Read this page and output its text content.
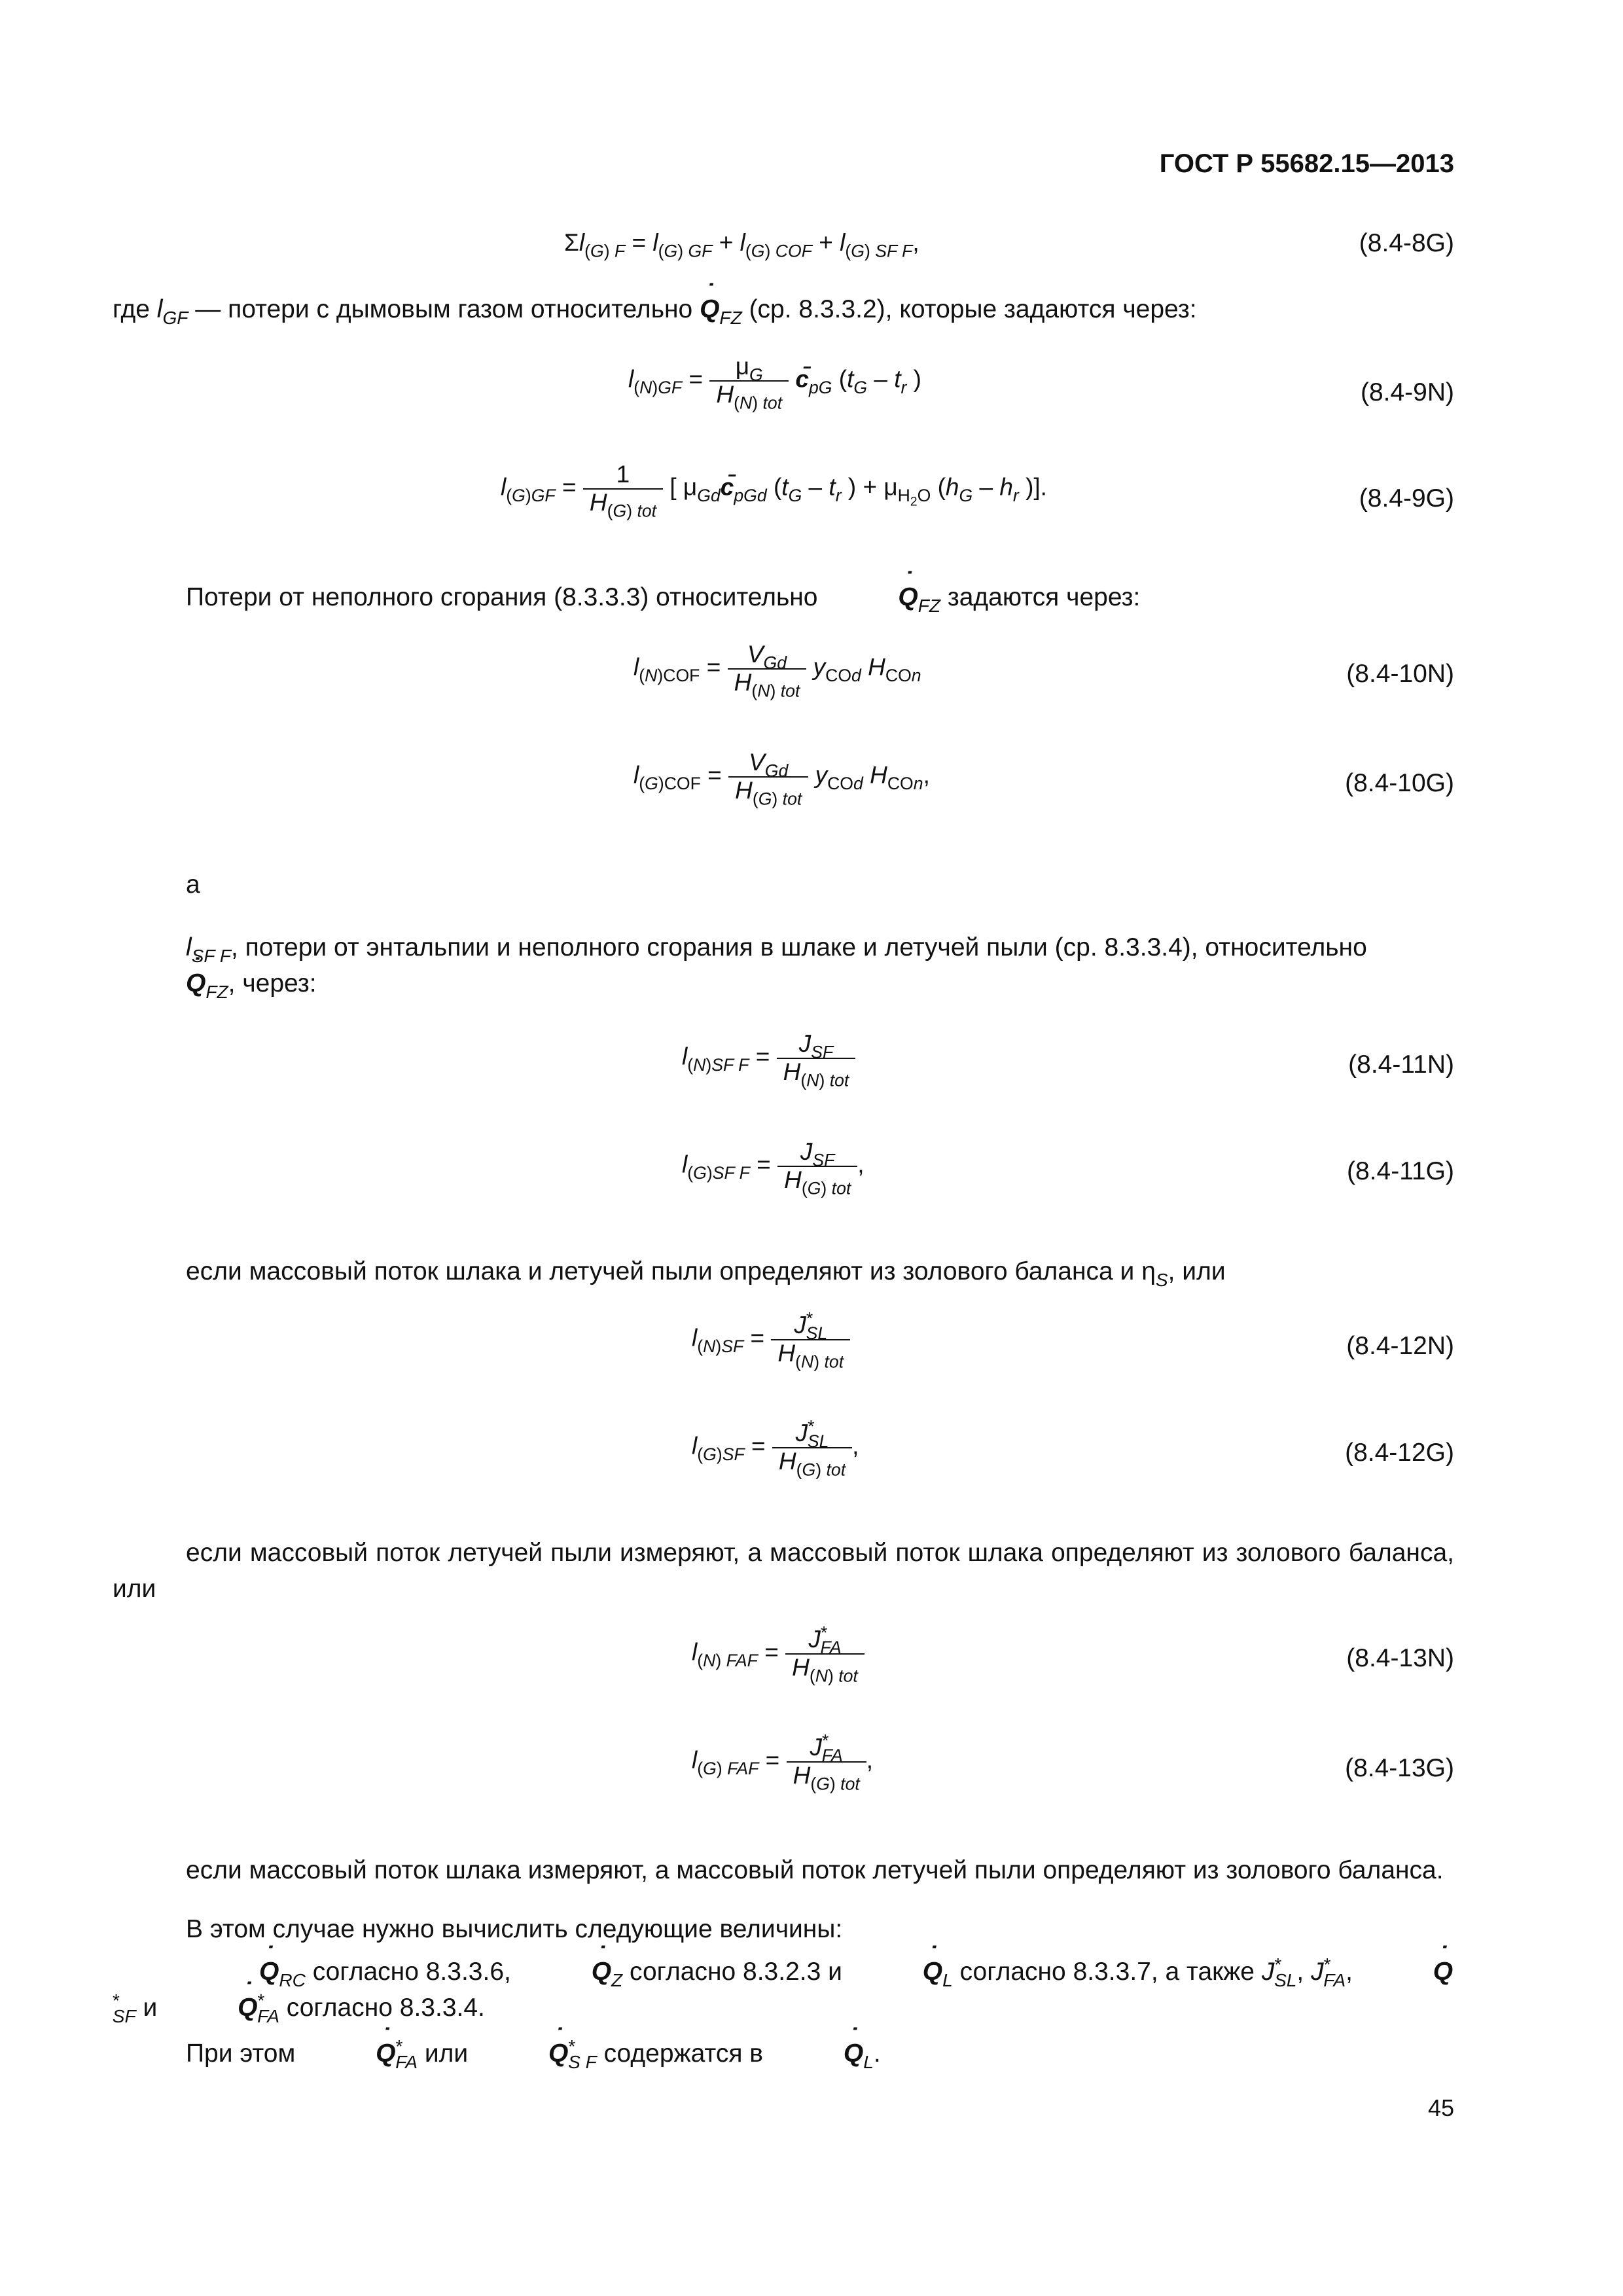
ГОСТ Р 55682.15—2013
$\Sigma l_{(G) F} = l_{(G) GF} + l_{(G) COF} + l_{(G) SF F}$,	(8.4-8G)
где $l_{GF}$ — потери с дымовым газом относительно ˙ $Q_{FZ}$ (ср. 8.3.3.2), которые задаются через:
$l_{(N)GF} = \frac{\mu_G}{H_{(N) tot}}$ $c̄_{pG}$ ($t_G - t_r$ )	(8.4-9N)
$l_{(G)GF} = \frac{1}{H_{(G) tot}}$ [ $\mu_{Gd}c̄_{pGd}$ ($t_G - t_r$ ) + $\mu_{H_2O}$ ($h_G - h_r$ )].	(8.4-9G)
Потери от неполного сгорания (8.3.3.3) относительно	˙ $Q_{FZ}$ задаются через:
$l_{(N)COF} = \frac{V_{Gd}}{H_{(N) tot}} y_{COd}$ $H_{COn}$	(8.4-10N)
$l_{(G)COF} = \frac{V_{Gd}}{H_{(G) tot}} y_{COd}$ $H_{COn}$,	(8.4-10G)
а
$l_{SF F}$, потери от энтальпии и неполного сгорания в шлаке и летучей пыли (ср. 8.3.3.4), относительно
˙ $Q_{FZ}$, через:
$l_{(N)SF F} = \frac{J_{SF}}{H_{(N) tot}}$	(8.4-11N)
$l_{(G)SF F} = \frac{J_{SF}}{H_{(G) tot}}$ ,	(8.4-11G)
если массовый поток шлака и летучей пыли определяют из золового баланса и $\eta_S$, или
$l_{(N)SF} = \frac{J^*_{SL}}{H_{(N) tot}}$	(8.4-12N)
$l_{(G)SF} = \frac{J^*_{SL}}{H_{(G) tot}}$ ,	(8.4-12G)
если массовый поток летучей пыли измеряют, а массовый поток шлака определяют из золового баланса, или
$l_{(N) FAF} = \frac{J^*_{FA}}{H_{(N) tot}}$	(8.4-13N)
$l_{(G) FAF} = \frac{J^*_{FA}}{H_{(G) tot}}$ ,	(8.4-13G)
если массовый поток шлака измеряют, а массовый поток летучей пыли определяют из золового баланса.
В этом случае нужно вычислить следующие величины:
˙ $Q_{RC}$ согласно 8.3.3.6,	˙ $Q_Z$ согласно 8.3.2.3 и	˙ $Q_L$ согласно 8.3.3.7, а также $J^*_{SL}$, $J^*_{FA}$,	˙ $Q^*_{SF}$ и	˙ $Q^*_{FA}$ согласно 8.3.3.4.
При этом	˙ $Q^*_{FA}$ или	˙ $Q^*_{S F}$ содержатся в	˙ $Q_L$.
45
